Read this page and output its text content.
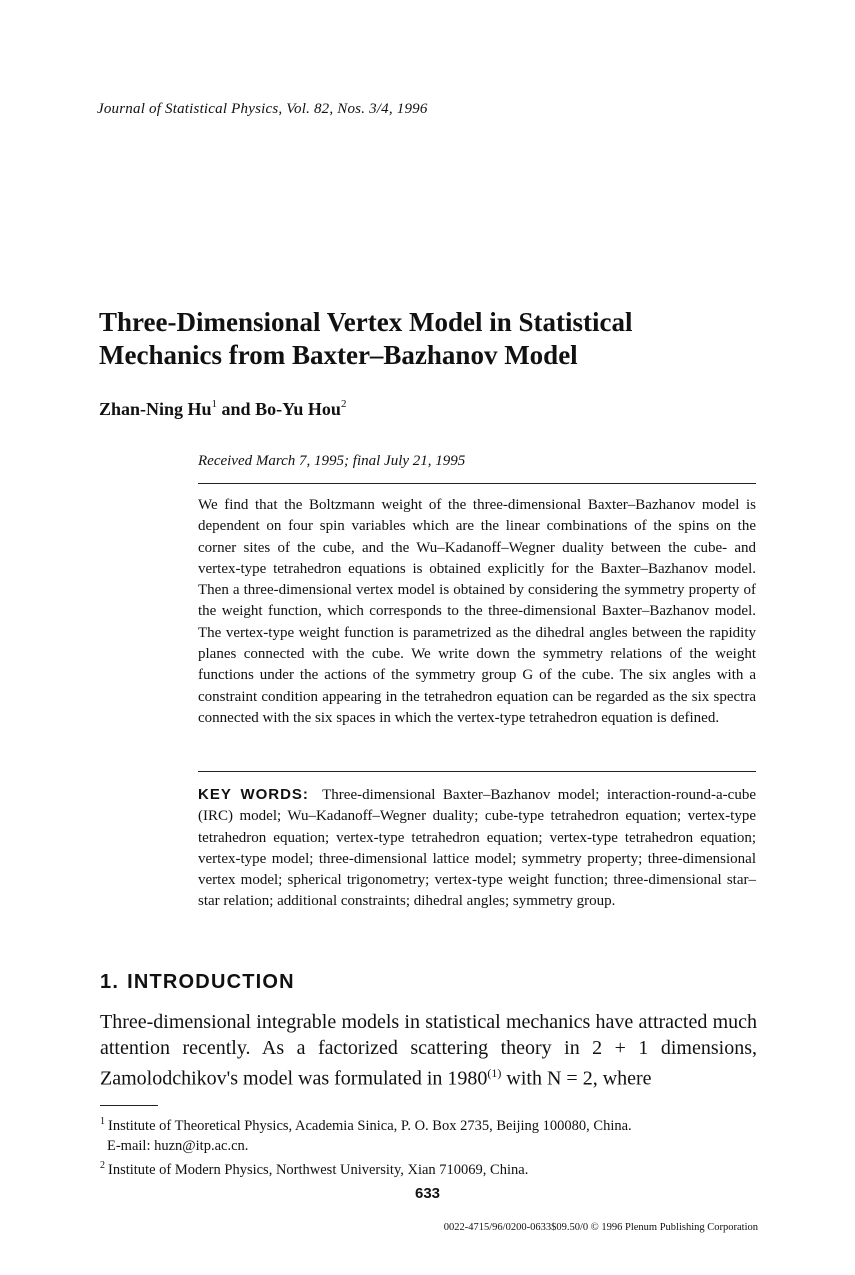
Journal of Statistical Physics, Vol. 82, Nos. 3/4, 1996
Three-Dimensional Vertex Model in Statistical
Mechanics from Baxter–Bazhanov Model
Zhan-Ning Hu$^1$ and Bo-Yu Hou$^2$
Received March 7, 1995; final July 21, 1995
We find that the Boltzmann weight of the three-dimensional Baxter–Bazhanov model is dependent on four spin variables which are the linear combinations of the spins on the corner sites of the cube, and the Wu–Kadanoff–Wegner duality between the cube- and vertex-type tetrahedron equations is obtained explicitly for the Baxter–Bazhanov model. Then a three-dimensional vertex model is obtained by considering the symmetry property of the weight function, which corresponds to the three-dimensional Baxter–Bazhanov model. The vertex-type weight function is parametrized as the dihedral angles between the rapidity planes connected with the cube. We write down the symmetry relations of the weight functions under the actions of the symmetry group G of the cube. The six angles with a constraint condition appearing in the tetrahedron equation can be regarded as the six spectra connected with the six spaces in which the vertex-type tetrahedron equation is defined.
KEY WORDS: Three-dimensional Baxter–Bazhanov model; interaction-round-a-cube (IRC) model; Wu–Kadanoff–Wegner duality; cube-type tetrahedron equation; vertex-type tetrahedron equation; vertex-type tetrahedron equation; vertex-type tetrahedron equation; vertex-type model; three-dimensional lattice model; symmetry property; three-dimensional vertex model; spherical trigonometry; vertex-type weight function; three-dimensional star–star relation; additional constraints; dihedral angles; symmetry group.
1. INTRODUCTION
Three-dimensional integrable models in statistical mechanics have attracted much attention recently. As a factorized scattering theory in 2 + 1 dimensions, Zamolodchikov's model was formulated in 1980$^{(1)}$ with N = 2, where
$^1$ Institute of Theoretical Physics, Academia Sinica, P. O. Box 2735, Beijing 100080, China.
E-mail: huzn@itp.ac.cn.
$^2$ Institute of Modern Physics, Northwest University, Xian 710069, China.
633
0022-4715/96/0200-0633$09.50/0 © 1996 Plenum Publishing Corporation
